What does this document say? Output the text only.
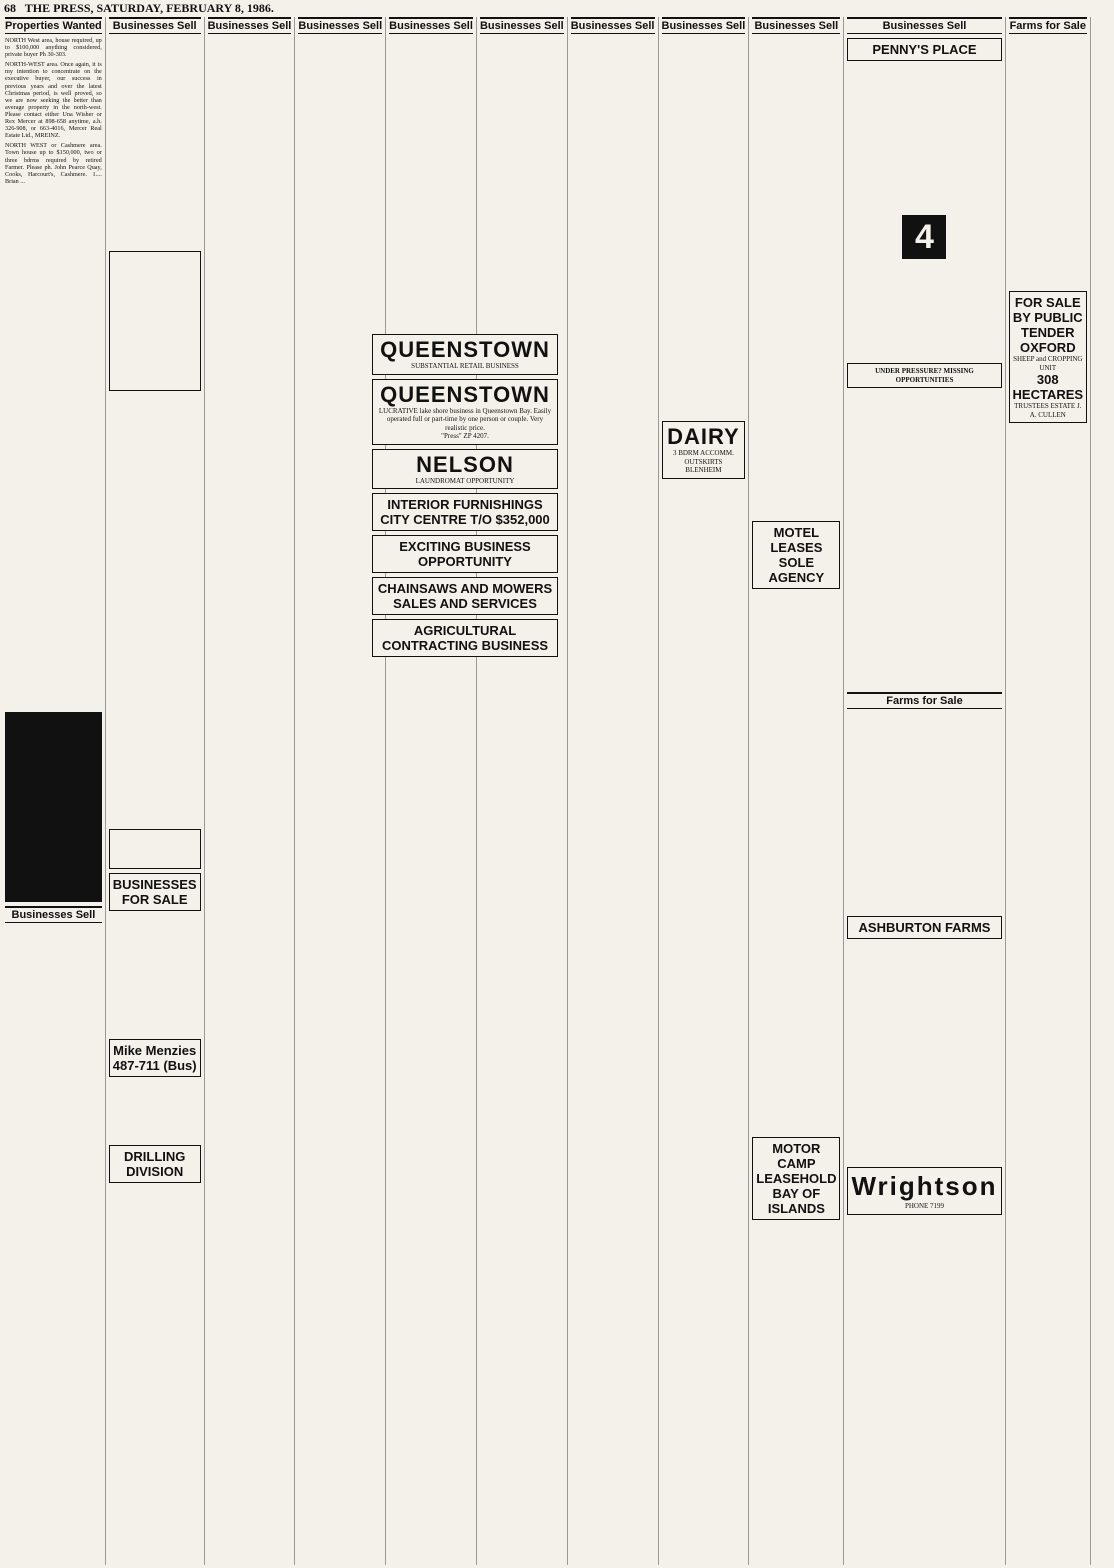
68 THE PRESS, SATURDAY, FEBRUARY 8, 1986.
Properties Wanted

NORTH West area, house required, up to $100,000 anything considered, private buyer Ph 30-303.

NORTH-WEST area. Once again, it is my intention to concentrate on the executive buyer, our success in previous years and over the latest Christmas period, is well proved, so we are now seeking the better than average property in the north-west. Please contact either Una Wisher or Rex Mercer at 898-658 anytime, a.h. 326-908, or 663-4016, Mercer Real Estate Ltd., MREINZ.

NORTH WEST or Cashmere area. Town house up to $150,000, two or three bdrms required by retired Farmer. Please ph. John Pearce Quay, Cooks, Harcourt's, Cashmere. 1.... Brian ...

Businesses Sell
Businesses Sell
BUSINESSES FOR SALE
Mike Menzies
487-711 (Bus)
DRILLING DIVISION
Businesses Sell Businesses Sell Businesses Sell Businesses Sell Businesses Sell Businesses Sell
DAIRY
3 BDRM ACCOMM. OUTSKIRTS BLENHEIM
Businesses Sell
MOTEL LEASES SOLE AGENCY
MOTOR CAMP LEASEHOLD BAY OF ISLANDS
Businesses Sell
PENNY'S PLACE
4
UNDER PRESSURE? MISSING OPPORTUNITIES
Farms for Sale
ASHBURTON FARMS
Wrightson
PHONE 7199
Farms for Sale
FOR SALE BY PUBLIC TENDER
OXFORD
SHEEP and CROPPING UNIT
308 HECTARES
TRUSTEES ESTATE J. A. CULLEN
QUEENSTOWN
SUBSTANTIAL RETAIL BUSINESS
QUEENSTOWN
LUCRATIVE lake shore business in Queenstown Bay. Easily operated full or part-time by one person or couple. Very realistic price.
"Press" ZP 4207.
NELSON
LAUNDROMAT OPPORTUNITY
INTERIOR FURNISHINGS CITY CENTRE T/O $352,000
EXCITING BUSINESS OPPORTUNITY
CHAINSAWS AND MOWERS SALES AND SERVICES
AGRICULTURAL CONTRACTING BUSINESS
